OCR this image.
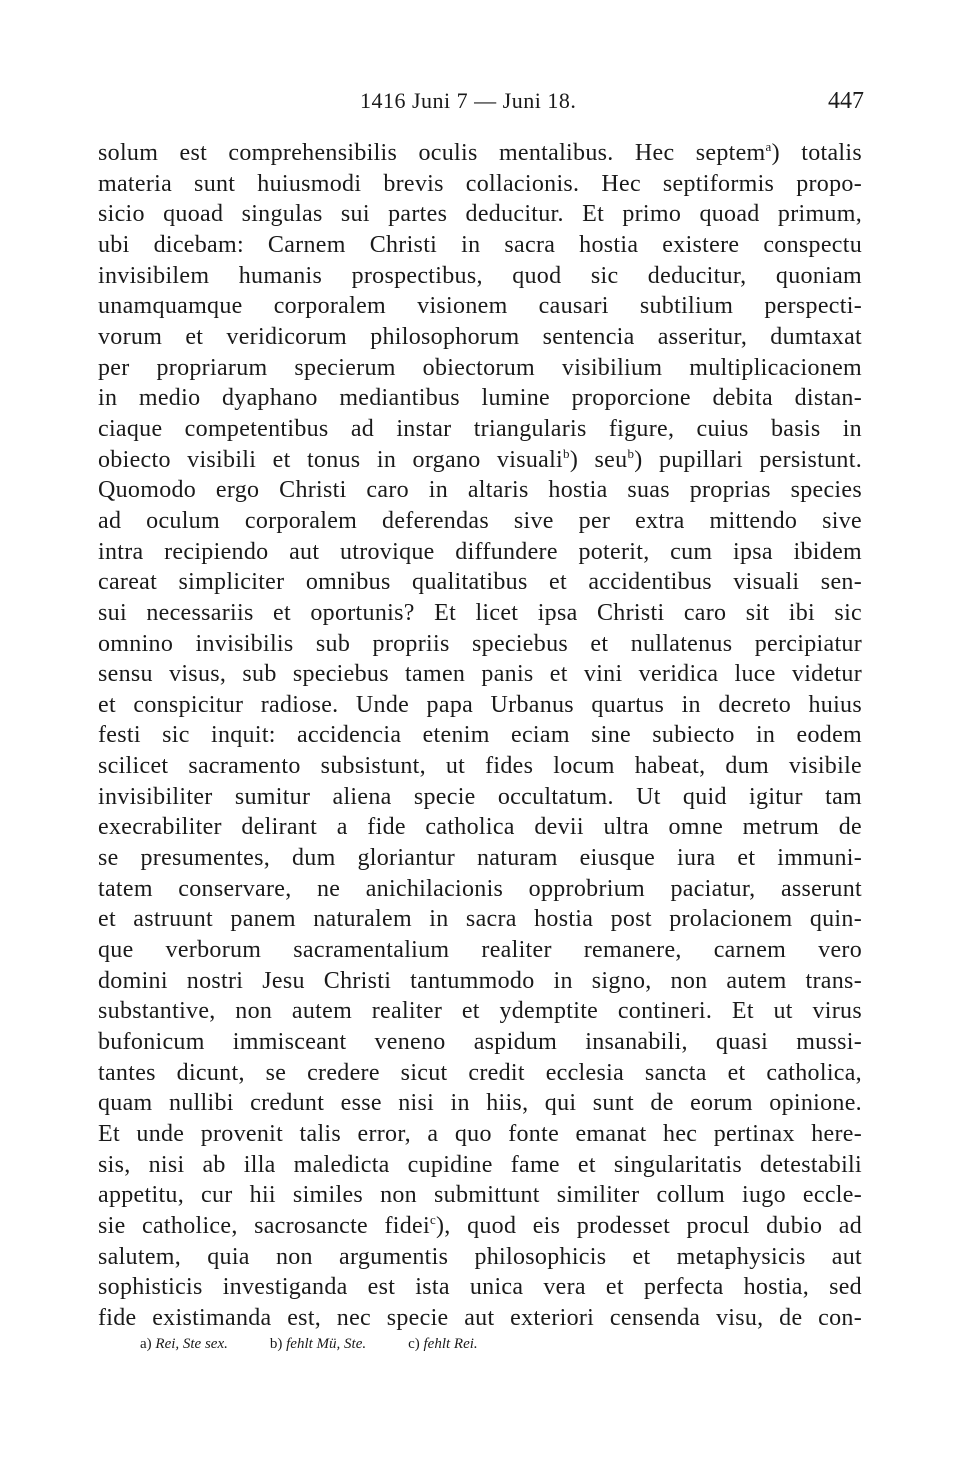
1416 Juni 7 — Juni 18.	447
solum est comprehensibilis oculis mentalibus. Hec septem$^a$) totalis
materia sunt huiusmodi brevis collacionis. Hec septiformis propo-
sicio quoad singulas sui partes deducitur. Et primo quoad primum,
ubi dicebam: Carnem Christi in sacra hostia existere conspectu
invisibilem humanis prospectibus, quod sic deducitur, quoniam
unamquamque corporalem visionem causari subtilium perspecti-
vorum et veridicorum philosophorum sentencia asseritur, dumtaxat
per propriarum specierum obiectorum visibilium multiplicacionem
in medio dyaphano mediantibus lumine proporcione debita distan-
ciaque competentibus ad instar triangularis figure, cuius basis in
obiecto visibili et tonus in organo visuali$^b$) seu$^b$) pupillari persistunt.
Quomodo ergo Christi caro in altaris hostia suas proprias species
ad oculum corporalem deferendas sive per extra mittendo sive
intra recipiendo aut utrovique diffundere poterit, cum ipsa ibidem
careat simpliciter omnibus qualitatibus et accidentibus visuali sen-
sui necessariis et oportunis? Et licet ipsa Christi caro sit ibi sic
omnino invisibilis sub propriis speciebus et nullatenus percipiatur
sensu visus, sub speciebus tamen panis et vini veridica luce videtur
et conspicitur radiose. Unde papa Urbanus quartus in decreto huius
festi sic inquit: accidencia etenim eciam sine subiecto in eodem
scilicet sacramento subsistunt, ut fides locum habeat, dum visibile
invisibiliter sumitur aliena specie occultatum. Ut quid igitur tam
execrabiliter delirant a fide catholica devii ultra omne metrum de
se presumentes, dum gloriantur naturam eiusque iura et immuni-
tatem conservare, ne anichilacionis opprobrium paciatur, asserunt
et astruunt panem naturalem in sacra hostia post prolacionem quin-
que verborum sacramentalium realiter remanere, carnem vero
domini nostri Jesu Christi tantummodo in signo, non autem trans-
substantive, non autem realiter et ydemptite contineri. Et ut virus
bufonicum immisceant veneno aspidum insanabili, quasi mussi-
tantes dicunt, se credere sicut credit ecclesia sancta et catholica,
quam nullibi credunt esse nisi in hiis, qui sunt de eorum opinione.
Et unde provenit talis error, a quo fonte emanat hec pertinax here-
sis, nisi ab illa maledicta cupidine fame et singularitatis detestabili
appetitu, cur hii similes non submittunt similiter collum iugo eccle-
sie catholice, sacrosancte fidei$^c$), quod eis prodesset procul dubio ad
salutem, quia non argumentis philosophicis et metaphysicis aut
sophisticis investiganda est ista unica vera et perfecta hostia, sed
fide existimanda est, nec specie aut exteriori censenda visu, de con-
a) Rei, Ste sex.	b) fehlt Mü, Ste.	c) fehlt Rei.
